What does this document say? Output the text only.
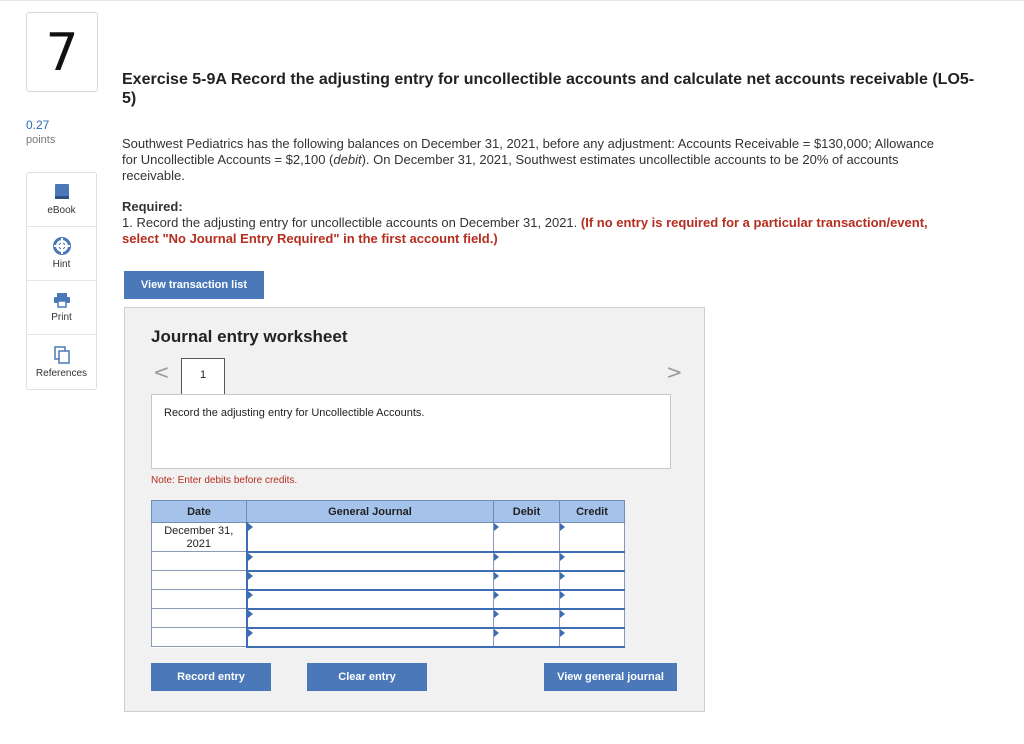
7
0.27
points
eBook
Hint
Print
References
Exercise 5-9A Record the adjusting entry for uncollectible accounts and calculate net accounts receivable (LO5-5)
Southwest Pediatrics has the following balances on December 31, 2021, before any adjustment: Accounts Receivable = $130,000; Allowance for Uncollectible Accounts = $2,100 (debit). On December 31, 2021, Southwest estimates uncollectible accounts to be 20% of accounts receivable.
Required:
1. Record the adjusting entry for uncollectible accounts on December 31, 2021. (If no entry is required for a particular transaction/event, select "No Journal Entry Required" in the first account field.)
View transaction list
Journal entry worksheet
<	1	>
Record the adjusting entry for Uncollectible Accounts.
Note: Enter debits before credits.
Date	General Journal	Debit	Credit
December 31, 2021			

Record entry	Clear entry	View general journal
